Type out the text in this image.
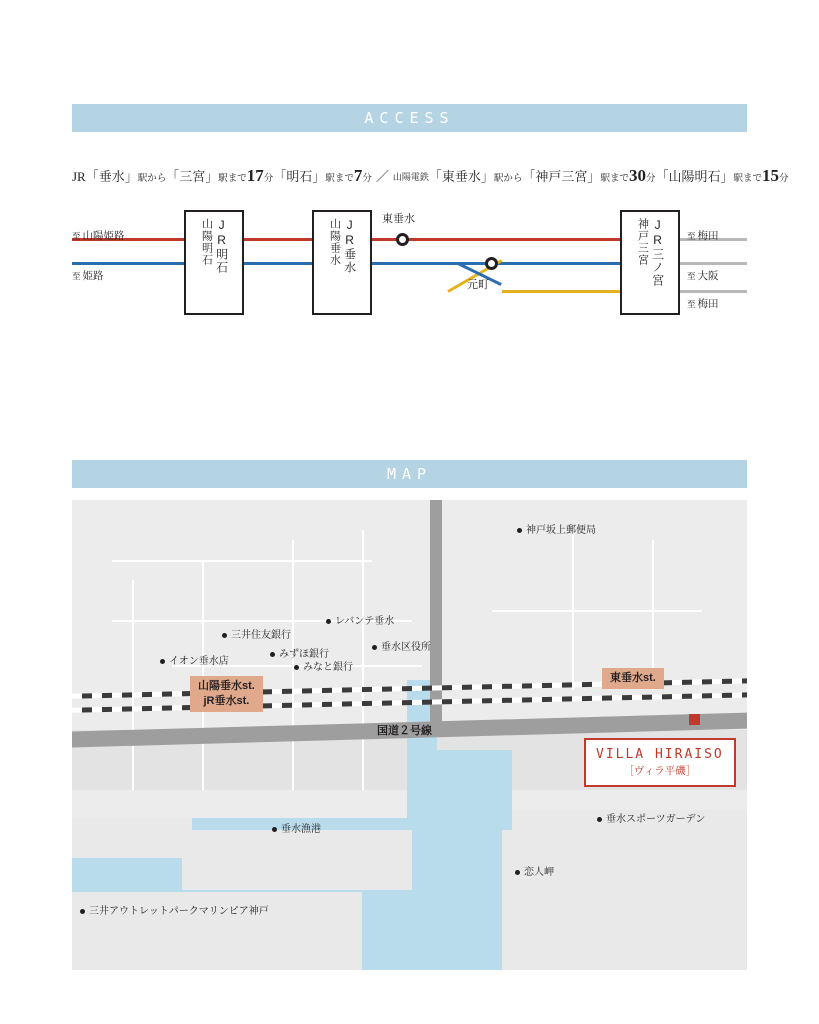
ACCESS
JR「垂水」駅から「三宮」駅まで17分「明石」駅まで7分 ／ 山陽電鉄「東垂水」駅から「神戸三宮」駅まで30分「山陽明石」駅まで15分
JR明石
山陽明石	JR垂水
山陽垂水	JR三ノ宮
神戸三宮
東垂水
元町
至 山陽姫路
至 姫路
至 梅田
至 大阪
至 梅田
MAP
山陽垂水st.
jR垂水st.
東垂水st.
国道２号線
神戸坂上郵便局
レバンテ垂水
三井住友銀行
垂水区役所
みずほ銀行
イオン垂水店
みなと銀行
垂水漁港
垂水スポーツガーデン
恋人岬
三井アウトレットパークマリンピア神戸
VILLA HIRAISO
［ヴィラ平磯］
